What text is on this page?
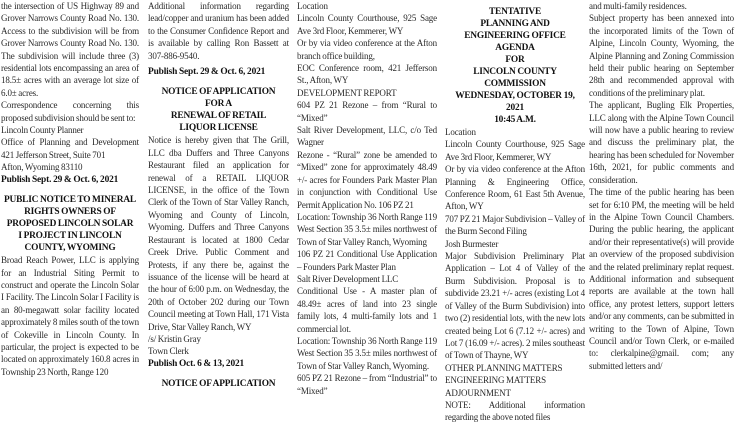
the intersection of US Highway 89 and Grover Narrows County Road No. 130. Access to the subdivision will be from Grover Narrows County Road No. 130. The subdivision will include three (3) residential lots encompassing an area of 18.5± acres with an average lot size of 6.0± acres.

Correspondence concerning this proposed subdivision should be sent to:

Lincoln County Planner

Office of Planning and Development

421 Jefferson Street, Suite 701

Afton, Wyoming 83110

Publish Sept. 29 & Oct. 6, 2021

PUBLIC NOTICE TO MINERAL
RIGHTS OWNERS OF
PROPOSED LINCOLN SOLAR
I PROJECT IN LINCOLN
COUNTY, WYOMING

Broad Reach Power, LLC is applying for an Industrial Siting Permit to construct and operate the Lincoln Solar I Facility. The Lincoln Solar I Facility is an 80-megawatt solar facility located approximately 8 miles south of the town of Cokeville in Lincoln County. In particular, the project is expected to be located on approximately 160.8 acres in Township 23 North, Range 120

Additional information regarding lead/copper and uranium has been added to the Consumer Confidence Report and is available by calling Ron Bassett at 307-886-9540.

Publish Sept. 29 & Oct. 6, 2021

NOTICE OF APPLICATION
FOR A
RENEWAL OF RETAIL
LIQUOR LICENSE

Notice is hereby given that The Grill, LLC dba Duffers and Three Canyons Restaurant filed an application for renewal of a RETAIL LIQUOR LICENSE, in the office of the Town Clerk of the Town of Star Valley Ranch, Wyoming and County of Lincoln, Wyoming. Duffers and Three Canyons Restaurant is located at 1800 Cedar Creek Drive. Public Comment and Protests, if any there be, against the issuance of the license will be heard at the hour of 6:00 p.m. on Wednesday, the 20th of October 202 during our Town Council meeting at Town Hall, 171 Vista Drive, Star Valley Ranch, WY

/s/ Kristin Gray

Town Clerk

Publish Oct. 6 & 13, 2021

NOTICE OF APPLICATION

Location

Lincoln County Courthouse, 925 Sage Ave 3rd Floor, Kemmerer, WY

Or by via video conference at the Afton branch office building,

EOC Conference room, 421 Jefferson St., Afton, WY

DEVELOPMENT REPORT

604 PZ 21 Rezone – from “Rural to “Mixed”

Salt River Development, LLC, c/o Ted Wagner

Rezone - “Rural” zone be amended to “Mixed” zone for approximately 48.49 +/- acres for Founders Park Master Plan in conjunction with Conditional Use Permit Application No. 106 PZ 21

Location: Township 36 North Range 119 West Section 35 3.5± miles northwest of Town of Star Valley Ranch, Wyoming

106 PZ 21 Conditional Use Application – Founders Park Master Plan

Salt River Development LLC

Conditional Use - A master plan of 48.49± acres of land into 23 single family lots, 4 multi-family lots and 1 commercial lot.

Location: Township 36 North Range 119 West Section 35 3.5± miles northwest of Town of Star Valley Ranch, Wyoming.

605 PZ 21 Rezone – from “Industrial” to “Mixed”

TENTATIVE
PLANNING AND
ENGINEERING OFFICE
AGENDA
FOR
LINCOLN COUNTY
COMMISSION
WEDNESDAY, OCTOBER 19,
2021
10:45 A.M.

Location

Lincoln County Courthouse, 925 Sage Ave 3rd Floor, Kemmerer, WY

Or by via video conference at the Afton Planning & Engineering Office, Conference Room, 61 East 5th Avenue, Afton, WY

707 PZ 21 Major Subdivision – Valley of the Burm Second Filing

Josh Burmester

Major Subdivision Preliminary Plat Application – Lot 4 of Valley of the Burm Subdivision. Proposal is to subdivide 23.21 +/- acres (existing Lot 4 of Valley of the Burm Subdivision) into two (2) residential lots, with the new lots created being Lot 6 (7.12 +/- acres) and Lot 7 (16.09 +/- acres). 2 miles southeast of Town of Thayne, WY

OTHER PLANNING MATTERS

ENGINEERING MATTERS

ADJOURNMENT

NOTE: Additional information regarding the above noted files

and multi-family residences.

Subject property has been annexed into the incorporated limits of the Town of Alpine, Lincoln County, Wyoming, the Alpine Planning and Zoning Commission held their public hearing on September 28th and recommended approval with conditions of the preliminary plat.

The applicant, Bugling Elk Properties, LLC along with the Alpine Town Council will now have a public hearing to review and discuss the preliminary plat, the hearing has been scheduled for November 16th, 2021, for public comments and consideration.

The time of the public hearing has been set for 6:10 PM, the meeting will be held in the Alpine Town Council Chambers. During the public hearing, the applicant and/or their representative(s) will provide an overview of the proposed subdivision and the related preliminary replat request. Additional information and subsequent reports are available at the town hall office, any protest letters, support letters and/or any comments, can be submitted in writing to the Town of Alpine, Town Council and/or Town Clerk, or e-mailed to: clerkalpine@gmail. com; any submitted letters and/
